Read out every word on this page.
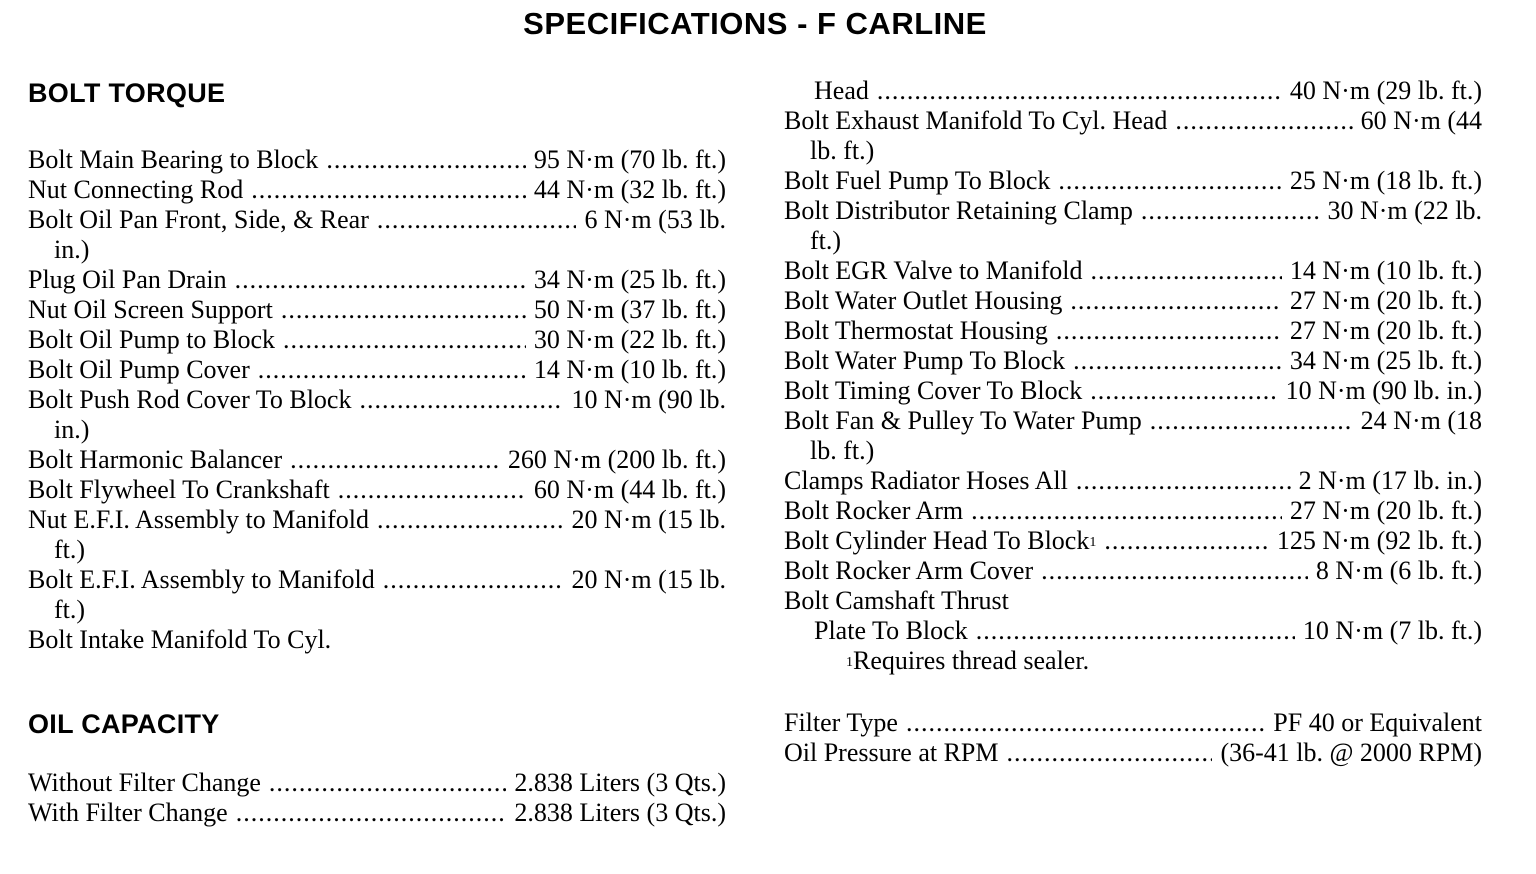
SPECIFICATIONS - F CARLINE
BOLT TORQUE
Bolt Main Bearing to Block .....	95 N·m (70 lb. ft.)
Nut Connecting Rod .....	44 N·m (32 lb. ft.)
Bolt Oil Pan Front, Side, & Rear .....	6 N·m (53 lb.
in.)
Plug Oil Pan Drain .....	34 N·m (25 lb. ft.)
Nut Oil Screen Support .....	50 N·m (37 lb. ft.)
Bolt Oil Pump to Block .....	30 N·m (22 lb. ft.)
Bolt Oil Pump Cover .....	14 N·m (10 lb. ft.)
Bolt Push Rod Cover To Block .....	10 N·m (90 lb.
in.)
Bolt Harmonic Balancer .....	260 N·m (200 lb. ft.)
Bolt Flywheel To Crankshaft .....	60 N·m (44 lb. ft.)
Nut E.F.I. Assembly to Manifold .....	20 N·m (15 lb.
ft.)
Bolt E.F.I. Assembly to Manifold .....	20 N·m (15 lb.
ft.)
Bolt Intake Manifold To Cyl.
Head .....	40 N·m (29 lb. ft.)
Bolt Exhaust Manifold To Cyl. Head .....	60 N·m (44
lb. ft.)
Bolt Fuel Pump To Block .....	25 N·m (18 lb. ft.)
Bolt Distributor Retaining Clamp .....	30 N·m (22 lb.
ft.)
Bolt EGR Valve to Manifold .....	14 N·m (10 lb. ft.)
Bolt Water Outlet Housing .....	27 N·m (20 lb. ft.)
Bolt Thermostat Housing .....	27 N·m (20 lb. ft.)
Bolt Water Pump To Block .....	34 N·m (25 lb. ft.)
Bolt Timing Cover To Block .....	10 N·m (90 lb. in.)
Bolt Fan & Pulley To Water Pump .....	24 N·m (18
lb. ft.)
Clamps Radiator Hoses All .....	2 N·m (17 lb. in.)
Bolt Rocker Arm .....	27 N·m (20 lb. ft.)
Bolt Cylinder Head To Block$^1$ .....	125 N·m (92 lb. ft.)
Bolt Rocker Arm Cover .....	8 N·m (6 lb. ft.)
Bolt Camshaft Thrust
Plate To Block .....	10 N·m (7 lb. ft.)
$^1$Requires thread sealer.
OIL CAPACITY
Without Filter Change .....	2.838 Liters (3 Qts.)
With Filter Change .....	2.838 Liters (3 Qts.)
Filter Type .....	PF 40 or Equivalent
Oil Pressure at RPM .....	(36-41 lb. @ 2000 RPM)
